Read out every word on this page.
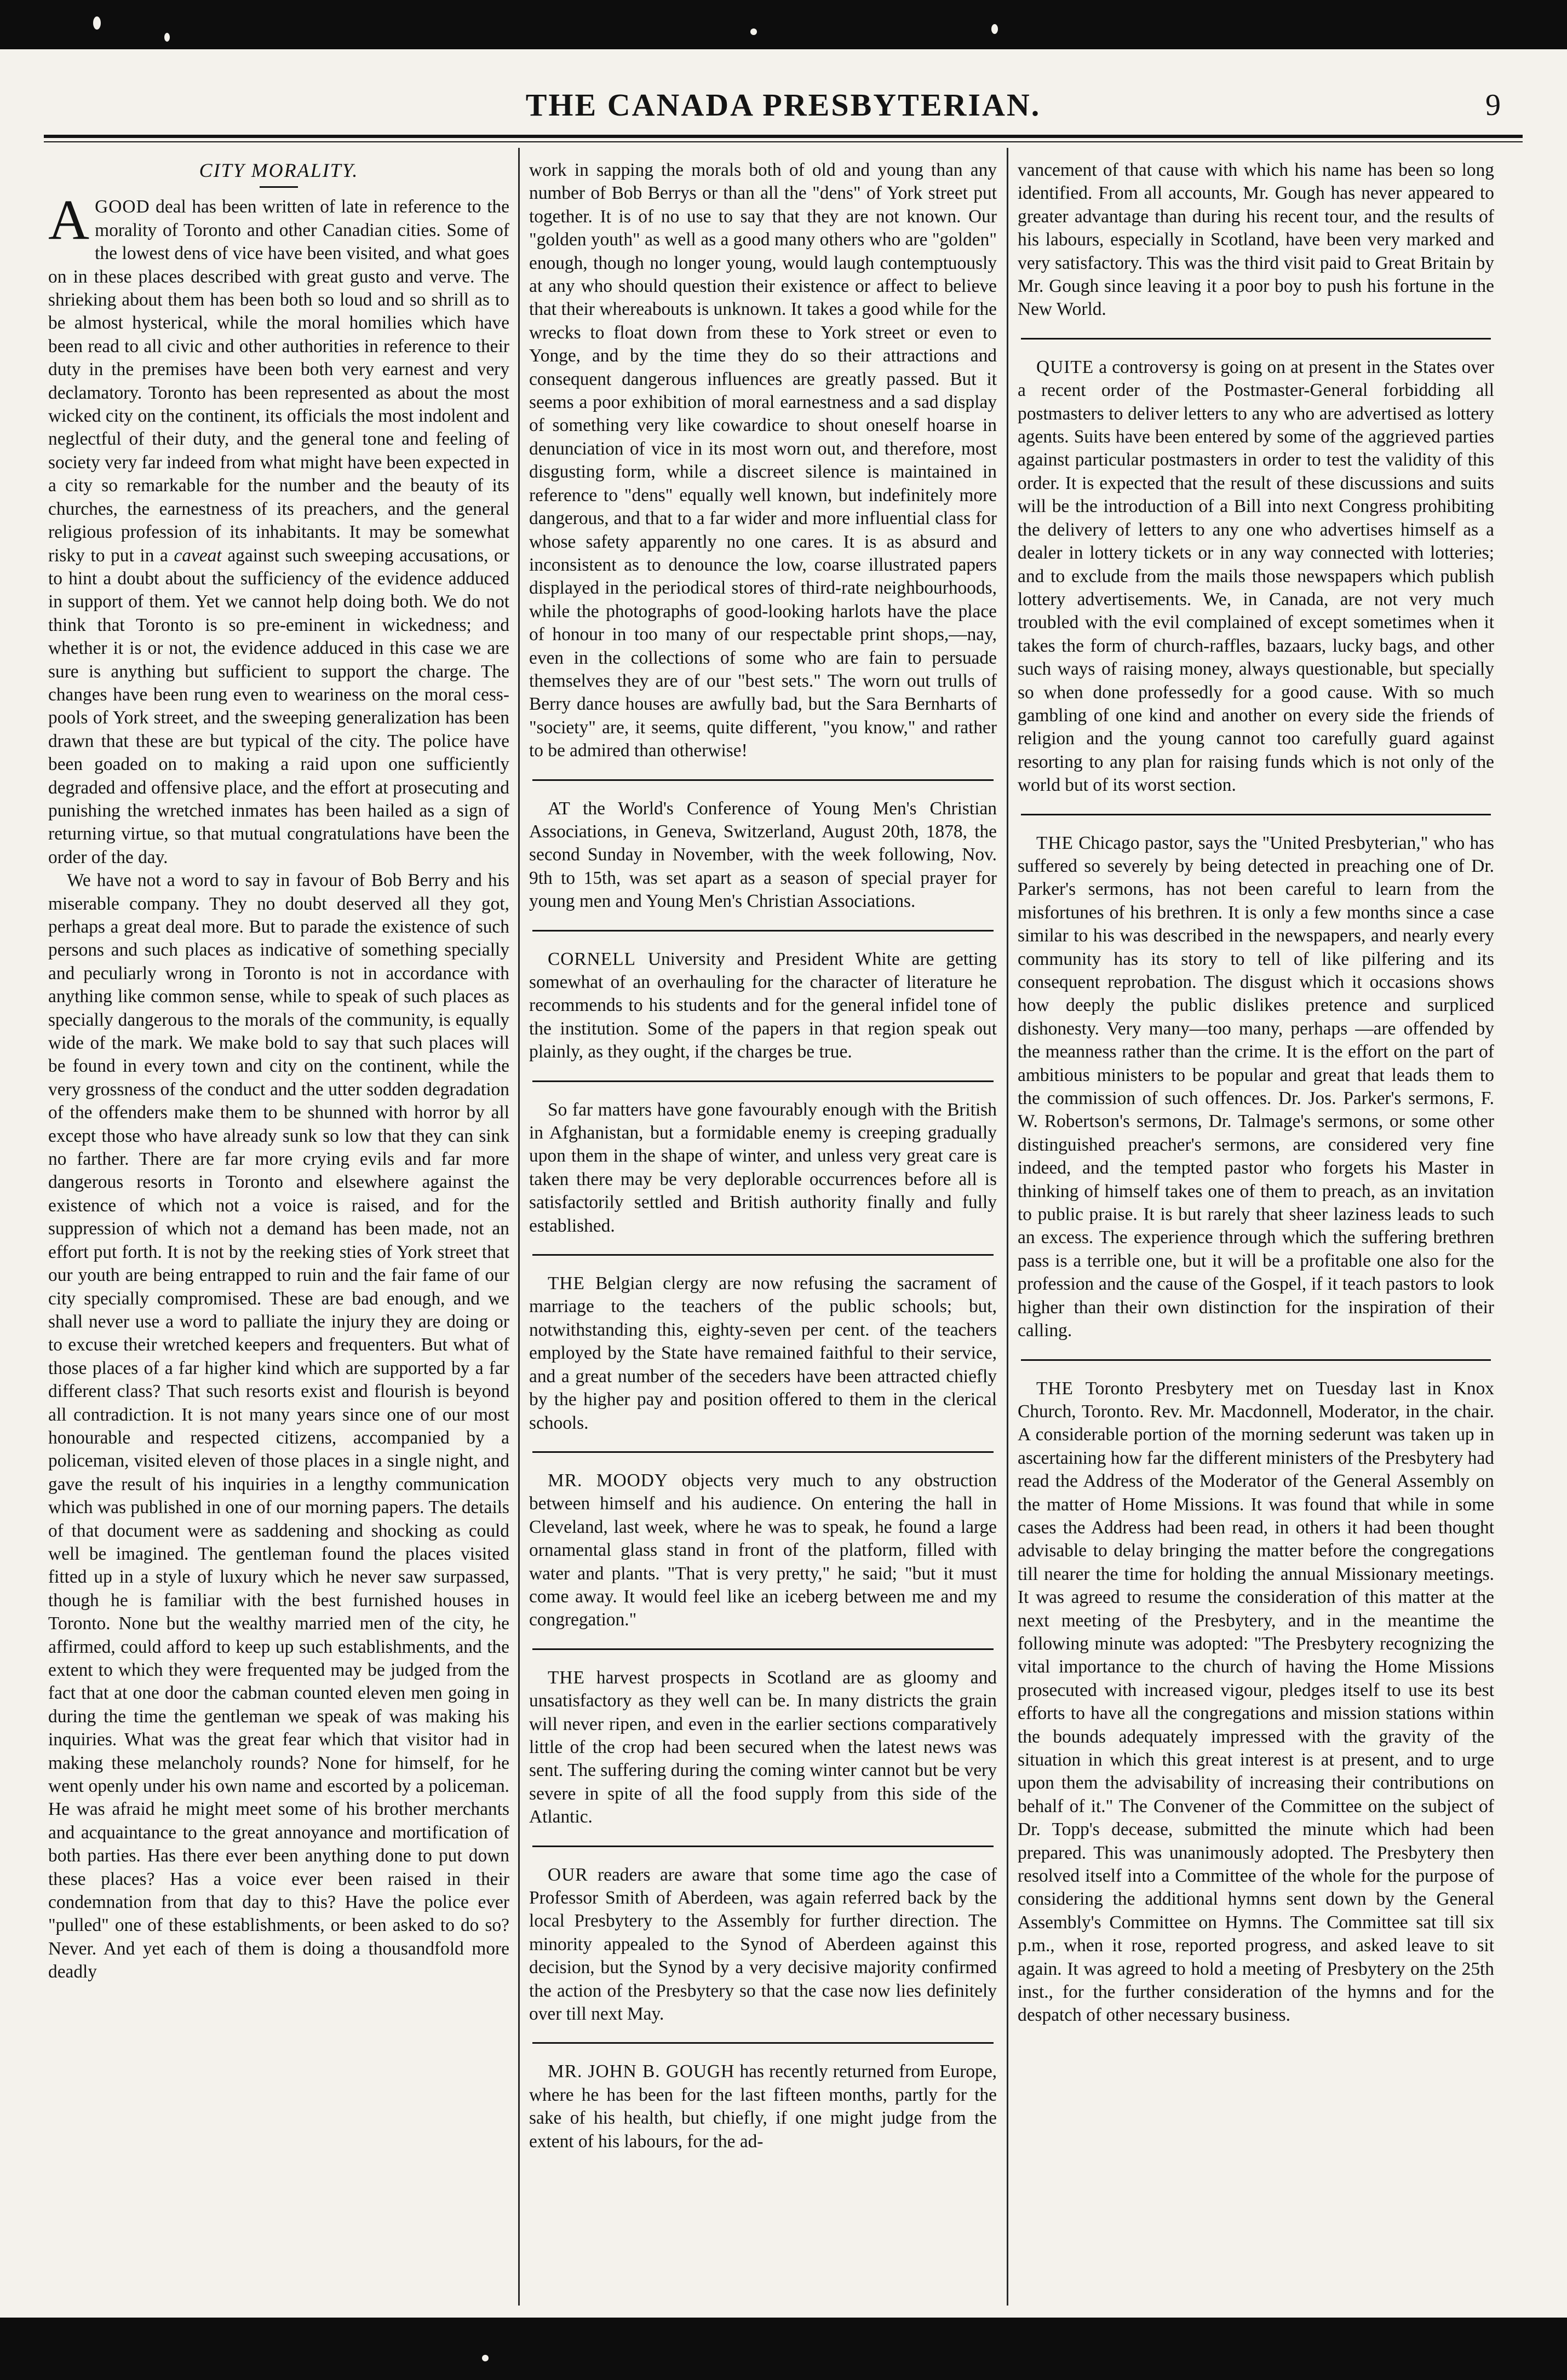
THE CANADA PRESBYTERIAN.	9
CITY MORALITY.

AGOOD deal has been written of late in reference to the morality of Toronto and other Canadian cities. Some of the lowest dens of vice have been visited, and what goes on in these places described with great gusto and verve. The shrieking about them has been both so loud and so shrill as to be almost hysterical, while the moral homilies which have been read to all civic and other authorities in reference to their duty in the premises have been both very earnest and very declamatory. Toronto has been represented as about the most wicked city on the continent, its officials the most indolent and neglectful of their duty, and the general tone and feeling of society very far indeed from what might have been expected in a city so remarkable for the number and the beauty of its churches, the earnestness of its preachers, and the general religious profession of its inhabitants. It may be somewhat risky to put in a caveat against such sweeping accusations, or to hint a doubt about the sufficiency of the evidence adduced in support of them. Yet we cannot help doing both. We do not think that Toronto is so pre-eminent in wickedness; and whether it is or not, the evidence adduced in this case we are sure is anything but sufficient to support the charge. The changes have been rung even to weariness on the moral cess-pools of York street, and the sweeping generalization has been drawn that these are but typical of the city. The police have been goaded on to making a raid upon one sufficiently degraded and offensive place, and the effort at prosecuting and punishing the wretched inmates has been hailed as a sign of returning virtue, so that mutual congratulations have been the order of the day.

We have not a word to say in favour of Bob Berry and his miserable company. They no doubt deserved all they got, perhaps a great deal more. But to parade the existence of such persons and such places as indicative of something specially and peculiarly wrong in Toronto is not in accordance with anything like common sense, while to speak of such places as specially dangerous to the morals of the community, is equally wide of the mark. We make bold to say that such places will be found in every town and city on the continent, while the very grossness of the conduct and the utter sodden degradation of the offenders make them to be shunned with horror by all except those who have already sunk so low that they can sink no farther. There are far more crying evils and far more dangerous resorts in Toronto and elsewhere against the existence of which not a voice is raised, and for the suppression of which not a demand has been made, not an effort put forth. It is not by the reeking sties of York street that our youth are being entrapped to ruin and the fair fame of our city specially compromised. These are bad enough, and we shall never use a word to palliate the injury they are doing or to excuse their wretched keepers and frequenters. But what of those places of a far higher kind which are supported by a far different class? That such resorts exist and flourish is beyond all contradiction. It is not many years since one of our most honourable and respected citizens, accompanied by a policeman, visited eleven of those places in a single night, and gave the result of his inquiries in a lengthy communication which was published in one of our morning papers. The details of that document were as saddening and shocking as could well be imagined. The gentleman found the places visited fitted up in a style of luxury which he never saw surpassed, though he is familiar with the best furnished houses in Toronto. None but the wealthy married men of the city, he affirmed, could afford to keep up such establishments, and the extent to which they were frequented may be judged from the fact that at one door the cabman counted eleven men going in during the time the gentleman we speak of was making his inquiries. What was the great fear which that visitor had in making these melancholy rounds? None for himself, for he went openly under his own name and escorted by a policeman. He was afraid he might meet some of his brother merchants and acquaintance to the great annoyance and mortification of both parties. Has there ever been anything done to put down these places? Has a voice ever been raised in their condemnation from that day to this? Have the police ever "pulled" one of these establishments, or been asked to do so? Never. And yet each of them is doing a thousandfold more deadly

work in sapping the morals both of old and young than any number of Bob Berrys or than all the "dens" of York street put together. It is of no use to say that they are not known. Our "golden youth" as well as a good many others who are "golden" enough, though no longer young, would laugh contemptuously at any who should question their existence or affect to believe that their whereabouts is unknown. It takes a good while for the wrecks to float down from these to York street or even to Yonge, and by the time they do so their attractions and consequent dangerous influences are greatly passed. But it seems a poor exhibition of moral earnestness and a sad display of something very like cowardice to shout oneself hoarse in denunciation of vice in its most worn out, and therefore, most disgusting form, while a discreet silence is maintained in reference to "dens" equally well known, but indefinitely more dangerous, and that to a far wider and more influential class for whose safety apparently no one cares. It is as absurd and inconsistent as to denounce the low, coarse illustrated papers displayed in the periodical stores of third-rate neighbourhoods, while the photographs of good-looking harlots have the place of honour in too many of our respectable print shops,—nay, even in the collections of some who are fain to persuade themselves they are of our "best sets." The worn out trulls of Berry dance houses are awfully bad, but the Sara Bernharts of "society" are, it seems, quite different, "you know," and rather to be admired than otherwise!

AT the World's Conference of Young Men's Christian Associations, in Geneva, Switzerland, August 20th, 1878, the second Sunday in November, with the week following, Nov. 9th to 15th, was set apart as a season of special prayer for young men and Young Men's Christian Associations.

CORNELL University and President White are getting somewhat of an overhauling for the character of literature he recommends to his students and for the general infidel tone of the institution. Some of the papers in that region speak out plainly, as they ought, if the charges be true.

So far matters have gone favourably enough with the British in Afghanistan, but a formidable enemy is creeping gradually upon them in the shape of winter, and unless very great care is taken there may be very deplorable occurrences before all is satisfactorily settled and British authority finally and fully established.

THE Belgian clergy are now refusing the sacrament of marriage to the teachers of the public schools; but, notwithstanding this, eighty-seven per cent. of the teachers employed by the State have remained faithful to their service, and a great number of the seceders have been attracted chiefly by the higher pay and position offered to them in the clerical schools.

MR. MOODY objects very much to any obstruction between himself and his audience. On entering the hall in Cleveland, last week, where he was to speak, he found a large ornamental glass stand in front of the platform, filled with water and plants. "That is very pretty," he said; "but it must come away. It would feel like an iceberg between me and my congregation."

THE harvest prospects in Scotland are as gloomy and unsatisfactory as they well can be. In many districts the grain will never ripen, and even in the earlier sections comparatively little of the crop had been secured when the latest news was sent. The suffering during the coming winter cannot but be very severe in spite of all the food supply from this side of the Atlantic.

OUR readers are aware that some time ago the case of Professor Smith of Aberdeen, was again referred back by the local Presbytery to the Assembly for further direction. The minority appealed to the Synod of Aberdeen against this decision, but the Synod by a very decisive majority confirmed the action of the Presbytery so that the case now lies definitely over till next May.

MR. JOHN B. GOUGH has recently returned from Europe, where he has been for the last fifteen months, partly for the sake of his health, but chiefly, if one might judge from the extent of his labours, for the ad-

vancement of that cause with which his name has been so long identified. From all accounts, Mr. Gough has never appeared to greater advantage than during his recent tour, and the results of his labours, especially in Scotland, have been very marked and very satisfactory. This was the third visit paid to Great Britain by Mr. Gough since leaving it a poor boy to push his fortune in the New World.

QUITE a controversy is going on at present in the States over a recent order of the Postmaster-General forbidding all postmasters to deliver letters to any who are advertised as lottery agents. Suits have been entered by some of the aggrieved parties against particular postmasters in order to test the validity of this order. It is expected that the result of these discussions and suits will be the introduction of a Bill into next Congress prohibiting the delivery of letters to any one who advertises himself as a dealer in lottery tickets or in any way connected with lotteries; and to exclude from the mails those newspapers which publish lottery advertisements. We, in Canada, are not very much troubled with the evil complained of except sometimes when it takes the form of church-raffles, bazaars, lucky bags, and other such ways of raising money, always questionable, but specially so when done professedly for a good cause. With so much gambling of one kind and another on every side the friends of religion and the young cannot too carefully guard against resorting to any plan for raising funds which is not only of the world but of its worst section.

THE Chicago pastor, says the "United Presbyterian," who has suffered so severely by being detected in preaching one of Dr. Parker's sermons, has not been careful to learn from the misfortunes of his brethren. It is only a few months since a case similar to his was described in the newspapers, and nearly every community has its story to tell of like pilfering and its consequent reprobation. The disgust which it occasions shows how deeply the public dislikes pretence and surpliced dishonesty. Very many—too many, perhaps —are offended by the meanness rather than the crime. It is the effort on the part of ambitious ministers to be popular and great that leads them to the commission of such offences. Dr. Jos. Parker's sermons, F. W. Robertson's sermons, Dr. Talmage's sermons, or some other distinguished preacher's sermons, are considered very fine indeed, and the tempted pastor who forgets his Master in thinking of himself takes one of them to preach, as an invitation to public praise. It is but rarely that sheer laziness leads to such an excess. The experience through which the suffering brethren pass is a terrible one, but it will be a profitable one also for the profession and the cause of the Gospel, if it teach pastors to look higher than their own distinction for the inspiration of their calling.

THE Toronto Presbytery met on Tuesday last in Knox Church, Toronto. Rev. Mr. Macdonnell, Moderator, in the chair. A considerable portion of the morning sederunt was taken up in ascertaining how far the different ministers of the Presbytery had read the Address of the Moderator of the General Assembly on the matter of Home Missions. It was found that while in some cases the Address had been read, in others it had been thought advisable to delay bringing the matter before the congregations till nearer the time for holding the annual Missionary meetings. It was agreed to resume the consideration of this matter at the next meeting of the Presbytery, and in the meantime the following minute was adopted: "The Presbytery recognizing the vital importance to the church of having the Home Missions prosecuted with increased vigour, pledges itself to use its best efforts to have all the congregations and mission stations within the bounds adequately impressed with the gravity of the situation in which this great interest is at present, and to urge upon them the advisability of increasing their contributions on behalf of it." The Convener of the Committee on the subject of Dr. Topp's decease, submitted the minute which had been prepared. This was unanimously adopted. The Presbytery then resolved itself into a Committee of the whole for the purpose of considering the additional hymns sent down by the General Assembly's Committee on Hymns. The Committee sat till six p.m., when it rose, reported progress, and asked leave to sit again. It was agreed to hold a meeting of Presbytery on the 25th inst., for the further consideration of the hymns and for the despatch of other necessary business.
